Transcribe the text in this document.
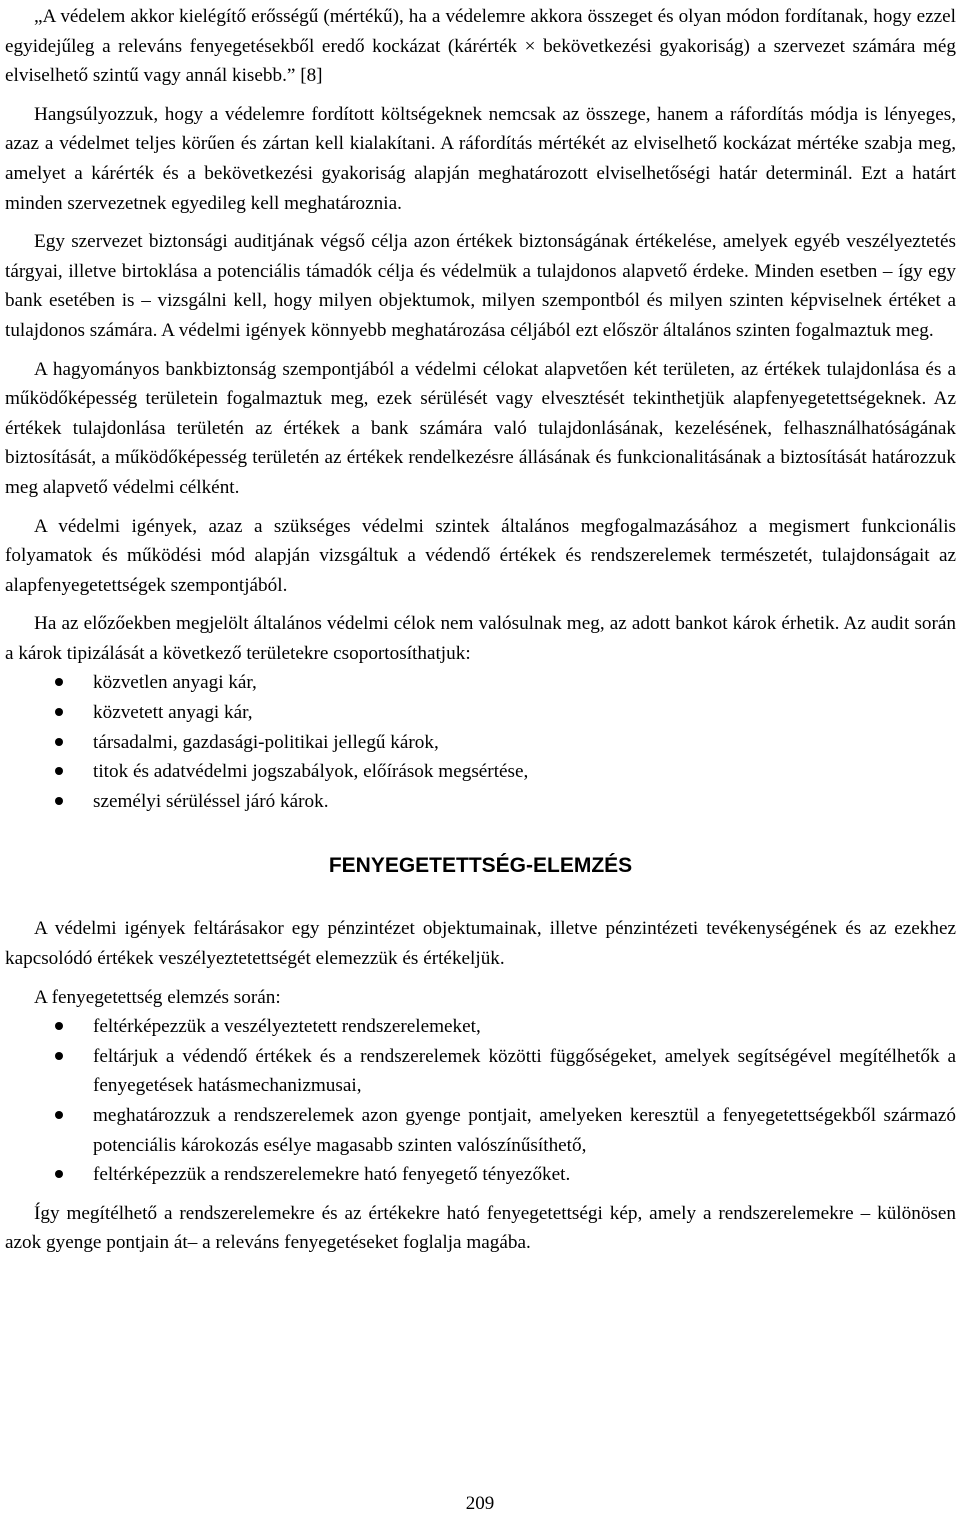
„A védelem akkor kielégítő erősségű (mértékű), ha a védelemre akkora összeget és olyan módon fordítanak, hogy ezzel egyidejűleg a releváns fenyegetésekből eredő kockázat (kárérték × bekövetkezési gyakoriság) a szervezet számára még elviselhető szintű vagy annál kisebb.” [8]

Hangsúlyozzuk, hogy a védelemre fordított költségeknek nemcsak az összege, hanem a ráfordítás módja is lényeges, azaz a védelmet teljes körűen és zártan kell kialakítani. A ráfordítás mértékét az elviselhető kockázat mértéke szabja meg, amelyet a kárérték és a bekövetkezési gyakoriság alapján meghatározott elviselhetőségi határ determinál. Ezt a határt minden szervezetnek egyedileg kell meghatároznia.

Egy szervezet biztonsági auditjának végső célja azon értékek biztonságának értékelése, amelyek egyéb veszélyeztetés tárgyai, illetve birtoklása a potenciális támadók célja és védelmük a tulajdonos alapvető érdeke. Minden esetben – így egy bank esetében is – vizsgálni kell, hogy milyen objektumok, milyen szempontból és milyen szinten képviselnek értéket a tulajdonos számára. A védelmi igények könnyebb meghatározása céljából ezt először általános szinten fogalmaztuk meg.

A hagyományos bankbiztonság szempontjából a védelmi célokat alapvetően két területen, az értékek tulajdonlása és a működőképesség területein fogalmaztuk meg, ezek sérülését vagy elvesztését tekinthetjük alapfenyegetettségeknek. Az értékek tulajdonlása területén az értékek a bank számára való tulajdonlásának, kezelésének, felhasználhatóságának biztosítását, a működőképesség területén az értékek rendelkezésre állásának és funkcionalitásának a biztosítását határozzuk meg alapvető védelmi célként.

A védelmi igények, azaz a szükséges védelmi szintek általános megfogalmazásához a megismert funkcionális folyamatok és működési mód alapján vizsgáltuk a védendő értékek és rendszerelemek természetét, tulajdonságait az alapfenyegetettségek szempontjából.

Ha az előzőekben megjelölt általános védelmi célok nem valósulnak meg, az adott bankot károk érhetik. Az audit során a károk tipizálását a következő területekre csoportosíthatjuk:

közvetlen anyagi kár,
közvetett anyagi kár,
társadalmi, gazdasági-politikai jellegű károk,
titok és adatvédelmi jogszabályok, előírások megsértése,
személyi sérüléssel járó károk.
FENYEGETETTSÉG-ELEMZÉS

A védelmi igények feltárásakor egy pénzintézet objektumainak, illetve pénzintézeti tevékenységének és az ezekhez kapcsolódó értékek veszélyeztetettségét elemezzük és értékeljük.

A fenyegetettség elemzés során:

feltérképezzük a veszélyeztetett rendszerelemeket,
feltárjuk a védendő értékek és a rendszerelemek közötti függőségeket, amelyek segítségével megítélhetők a fenyegetések hatásmechanizmusai,
meghatározzuk a rendszerelemek azon gyenge pontjait, amelyeken keresztül a fenyegetettségekből származó potenciális károkozás esélye magasabb szinten valószínűsíthető,
feltérképezzük a rendszerelemekre ható fenyegető tényezőket.

Így megítélhető a rendszerelemekre és az értékekre ható fenyegetettségi kép, amely a rendszerelemekre – különösen azok gyenge pontjain át– a releváns fenyegetéseket foglalja magába.

209
